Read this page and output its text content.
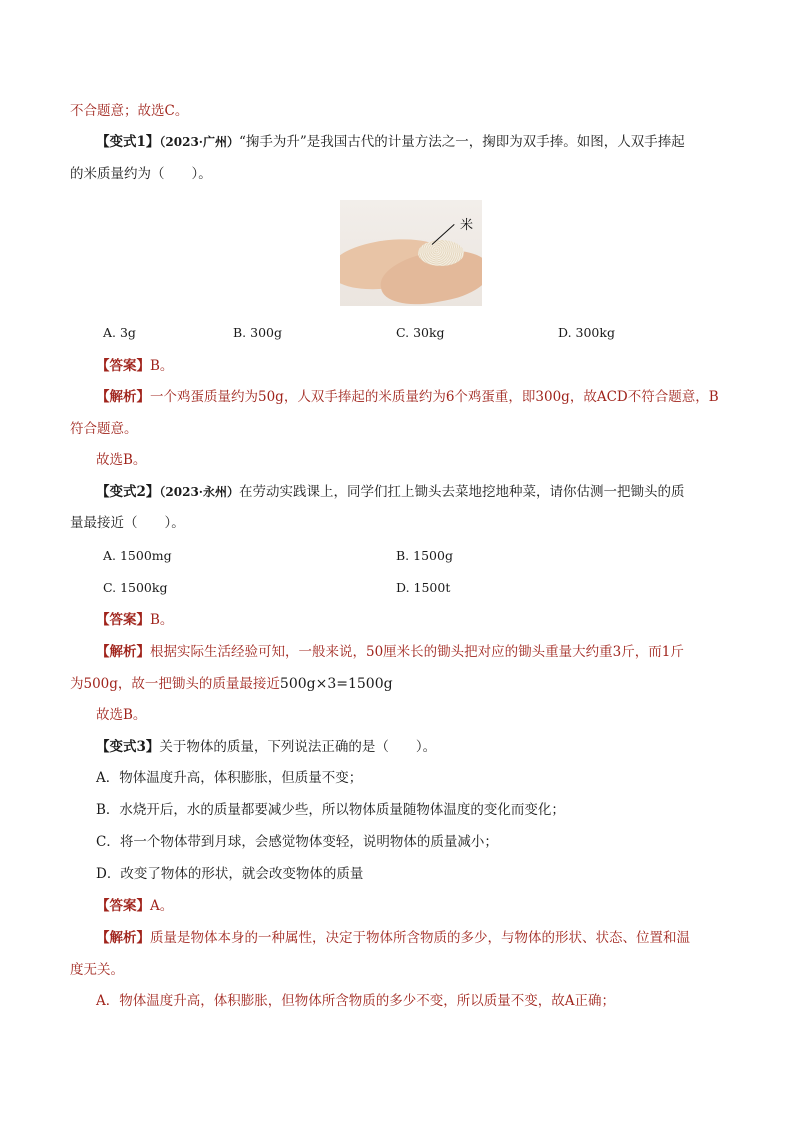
不合题意；故选C。
【变式1】（2023·广州）“掬手为升”是我国古代的计量方法之一，掬即为双手捧。如图，人双手捧起
的米质量约为（　　）。
米
A. 3g	B. 300g	C. 30kg	D. 300kg
【答案】B。
【解析】一个鸡蛋质量约为50g，人双手捧起的米质量约为6个鸡蛋重，即300g，故ACD不符合题意，B
符合题意。
故选B。
【变式2】（2023·永州）在劳动实践课上，同学们扛上锄头去菜地挖地种菜，请你估测一把锄头的质
量最接近（　　）。
A. 1500mg	B. 1500g
C. 1500kg	D. 1500t
【答案】B。
【解析】根据实际生活经验可知，一般来说，50厘米长的锄头把对应的锄头重量大约重3斤，而1斤
为500g，故一把锄头的质量最接近500g×3=1500g
故选B。
【变式3】关于物体的质量，下列说法正确的是（　　）。
A．物体温度升高，体积膨胀，但质量不变；
B．水烧开后，水的质量都要减少些，所以物体质量随物体温度的变化而变化；
C．将一个物体带到月球，会感觉物体变轻，说明物体的质量减小；
D．改变了物体的形状，就会改变物体的质量
【答案】A。
【解析】质量是物体本身的一种属性，决定于物体所含物质的多少，与物体的形状、状态、位置和温
度无关。
A．物体温度升高，体积膨胀，但物体所含物质的多少不变，所以质量不变，故A正确；
